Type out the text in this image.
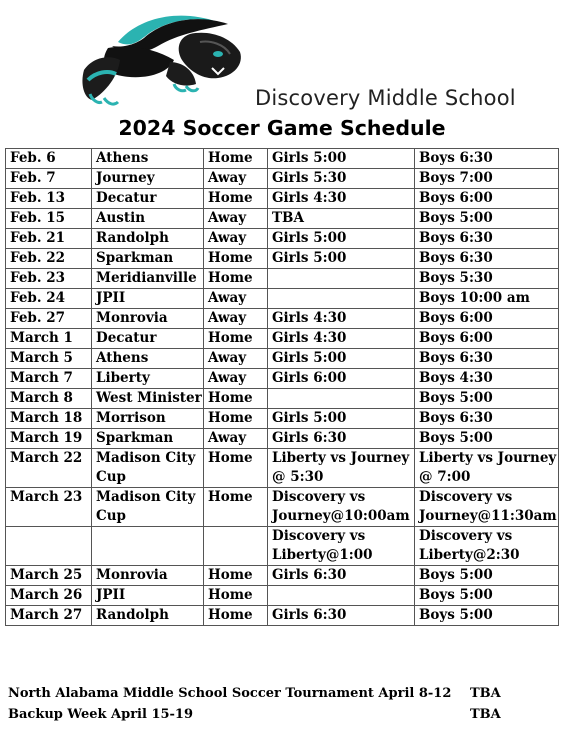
Discovery Middle School
2024 Soccer Game Schedule
Feb. 6	Athens	Home	Girls 5:00	Boys 6:30
Feb. 7	Journey	Away	Girls 5:30	Boys 7:00
Feb. 13	Decatur	Home	Girls 4:30	Boys 6:00
Feb. 15	Austin	Away	TBA	Boys 5:00
Feb. 21	Randolph	Away	Girls 5:00	Boys 6:30
Feb. 22	Sparkman	Home	Girls 5:00	Boys 6:30
Feb. 23	Meridianville	Home		Boys 5:30
Feb. 24	JPII	Away		Boys 10:00 am
Feb. 27	Monrovia	Away	Girls 4:30	Boys 6:00
March 1	Decatur	Home	Girls 4:30	Boys 6:00
March 5	Athens	Away	Girls 5:00	Boys 6:30
March 7	Liberty	Away	Girls 6:00	Boys 4:30
March 8	West Minister	Home		Boys 5:00
March 18	Morrison	Home	Girls 5:00	Boys 6:30
March 19	Sparkman	Away	Girls 6:30	Boys 5:00
March 22	Madison City Cup	Home	Liberty vs Journey @ 5:30	Liberty vs Journey @ 7:00
March 23	Madison City Cup	Home	Discovery vs Journey@10:00am	Discovery vs Journey@11:30am
			Discovery vs Liberty@1:00	Discovery vs Liberty@2:30
March 25	Monrovia	Home	Girls 6:30	Boys 5:00
March 26	JPII	Home		Boys 5:00
March 27	Randolph	Home	Girls 6:30	Boys 5:00
North Alabama Middle School Soccer Tournament April 8-12 TBA
Backup Week April 15-19	TBA
